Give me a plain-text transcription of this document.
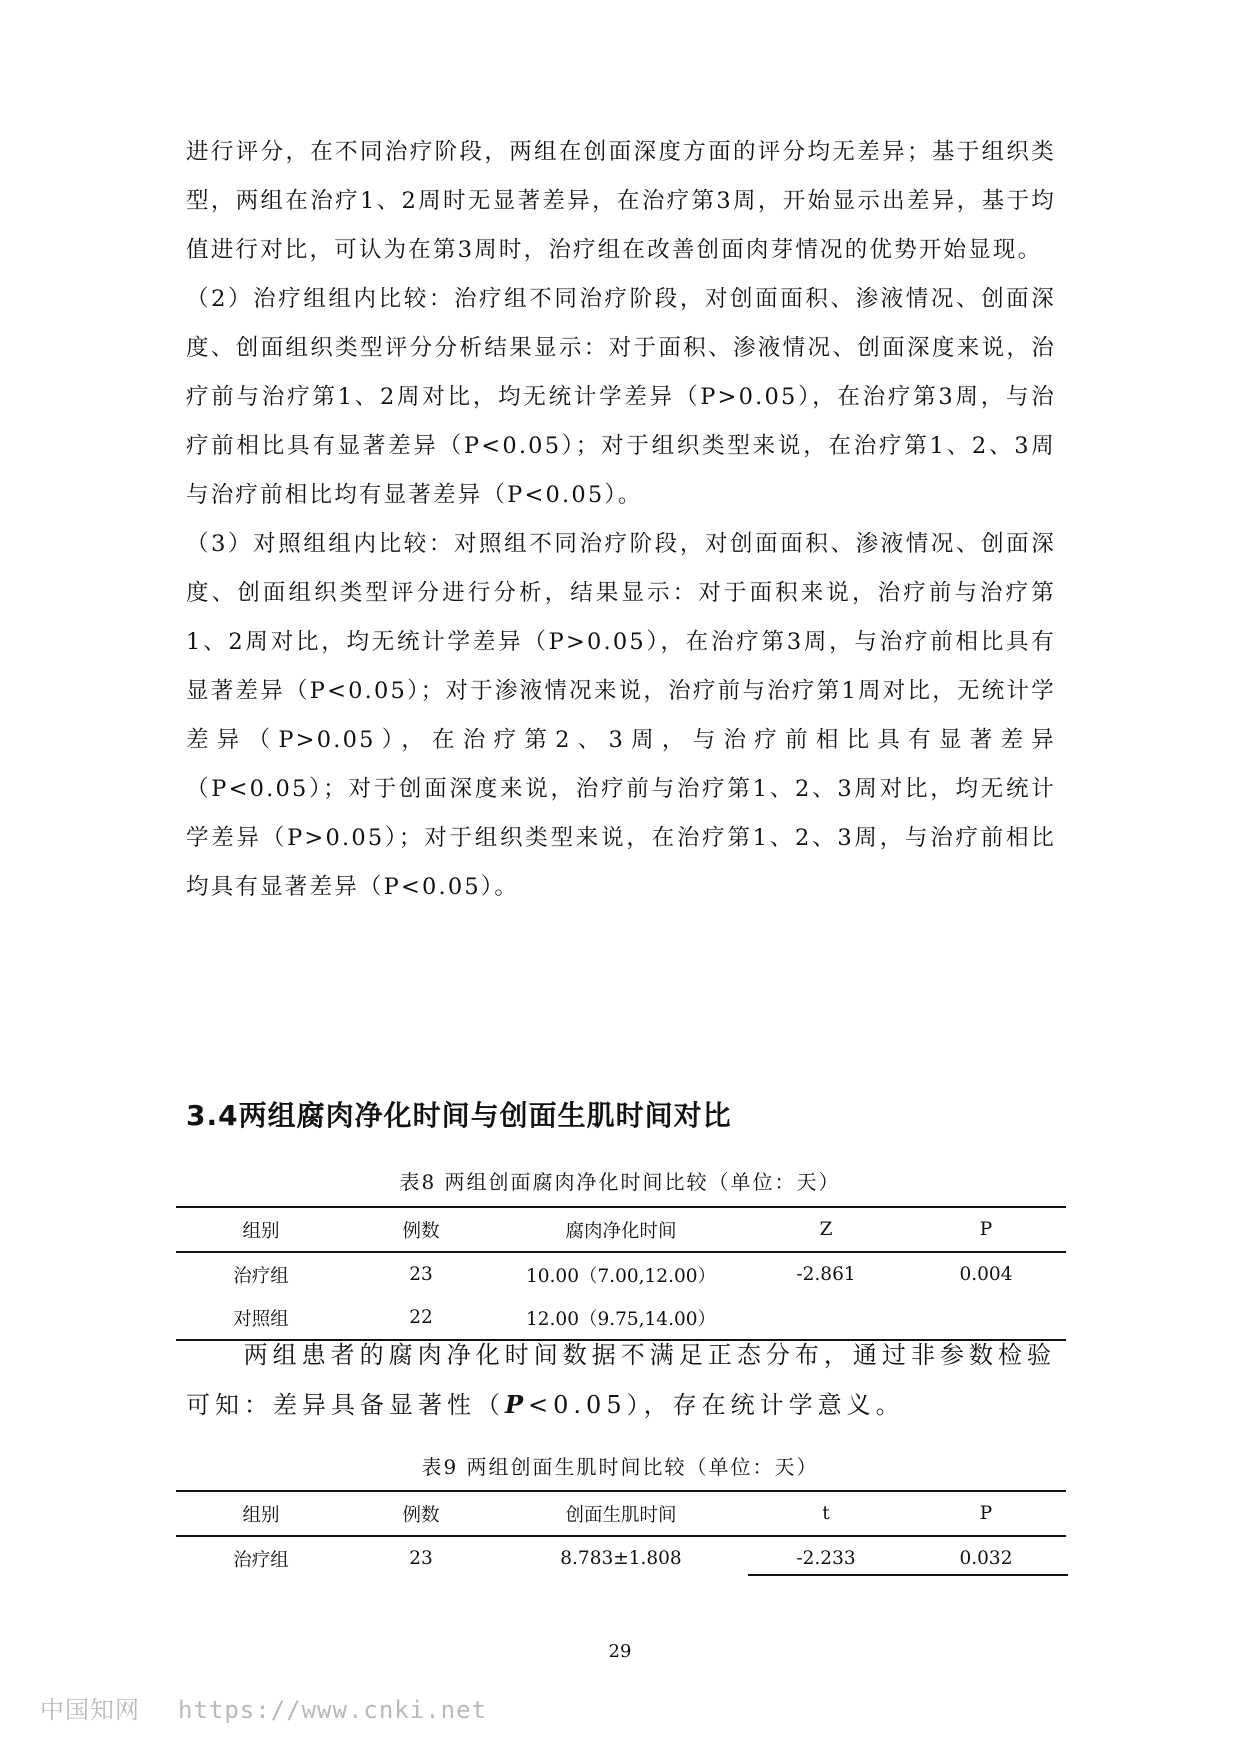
进行评分，在不同治疗阶段，两组在创面深度方面的评分均无差异；基于组织类型，两组在治疗1、2周时无显著差异，在治疗第3周，开始显示出差异，基于均值进行对比，可认为在第3周时，治疗组在改善创面肉芽情况的优势开始显现。

（2）治疗组组内比较：治疗组不同治疗阶段，对创面面积、渗液情况、创面深度、创面组织类型评分分析结果显示：对于面积、渗液情况、创面深度来说，治疗前与治疗第1、2周对比，均无统计学差异（P>0.05），在治疗第3周，与治疗前相比具有显著差异（P<0.05）；对于组织类型来说，在治疗第1、2、3周与治疗前相比均有显著差异（P<0.05）。

（3）对照组组内比较：对照组不同治疗阶段，对创面面积、渗液情况、创面深度、创面组织类型评分进行分析，结果显示：对于面积来说，治疗前与治疗第1、2周对比，均无统计学差异（P>0.05），在治疗第3周，与治疗前相比具有显著差异（P<0.05）；对于渗液情况来说，治疗前与治疗第1周对比，无统计学差异（P>0.05），在治疗第2、3周，与治疗前相比具有显著差异（P<0.05）；对于创面深度来说，治疗前与治疗第1、2、3周对比，均无统计学差异（P>0.05）；对于组织类型来说，在治疗第1、2、3周，与治疗前相比均具有显著差异（P<0.05）。

3.4两组腐肉净化时间与创面生肌时间对比
表8 两组创面腐肉净化时间比较（单位：天）
组别	例数	腐肉净化时间	Z	P
治疗组	23	10.00（7.00,12.00）	-2.861	0.004
对照组	22	12.00（9.75,14.00）		

两组患者的腐肉净化时间数据不满足正态分布，通过非参数检验可知：差异具备显著性（P<0.05），存在统计学意义。

表9 两组创面生肌时间比较（单位：天）
组别	例数	创面生肌时间	t	P
治疗组	23	8.783±1.808	-2.233	0.032
29
中国知网 https://www.cnki.net
